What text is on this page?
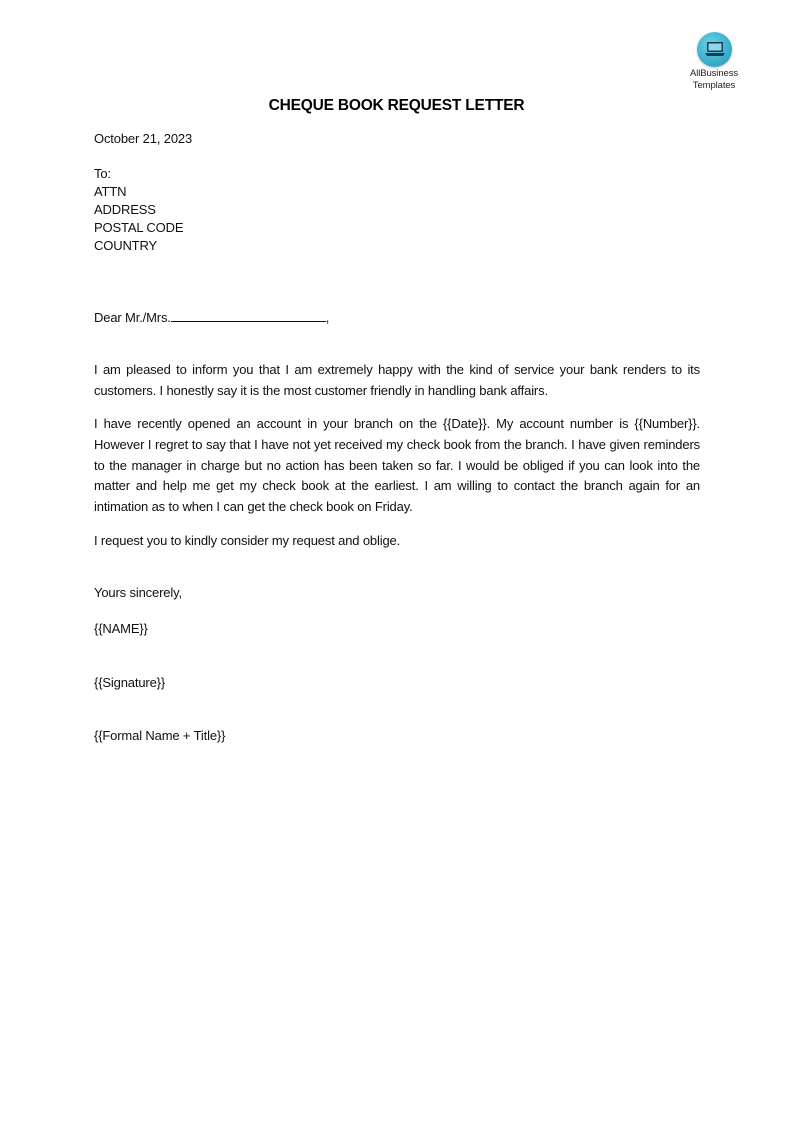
AllBusiness
Templates
CHEQUE BOOK REQUEST LETTER
October 21, 2023
To:
ATTN
ADDRESS
POSTAL CODE
COUNTRY
Dear Mr./Mrs.	,
I am pleased to inform you that I am extremely happy with the kind of service your bank renders to its customers. I honestly say it is the most customer friendly in handling bank affairs.
I have recently opened an account in your branch on the {{Date}}. My account number is {{Number}}. However I regret to say that I have not yet received my check book from the branch. I have given reminders to the manager in charge but no action has been taken so far. I would be obliged if you can look into the matter and help me get my check book at the earliest. I am willing to contact the branch again for an intimation as to when I can get the check book on Friday.
I request you to kindly consider my request and oblige.
Yours sincerely,
{{NAME}}
{{Signature}}
{{Formal Name + Title}}
